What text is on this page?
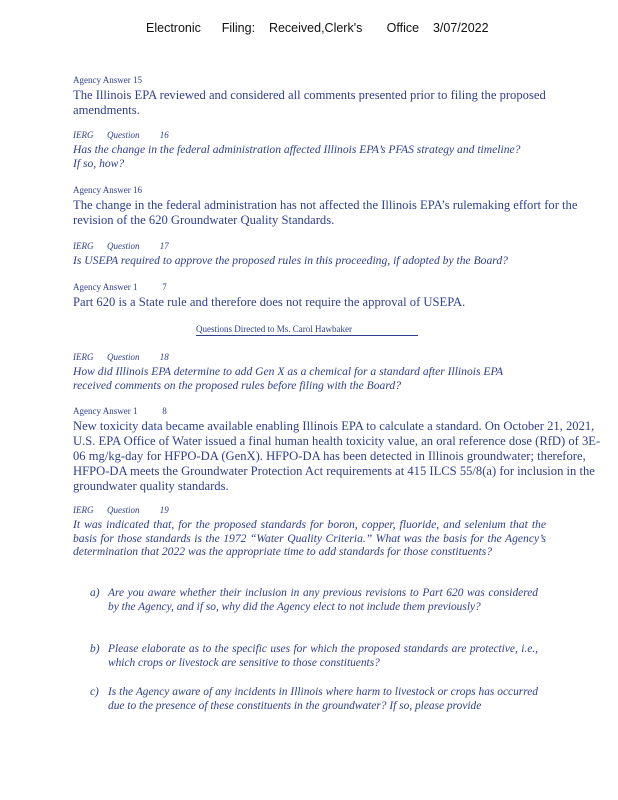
Electronic      Filing:    Received,Clerk's       Office    3/07/2022
Agency Answer 15
The Illinois EPA reviewed and considered all comments presented prior to filing the proposed amendments.
IERG      Question         16
Has the change in the federal administration affected Illinois EPA’s PFAS strategy and timeline?
If so, how?
Agency Answer 16
The change in the federal administration has not affected the Illinois EPA’s rulemaking effort for the revision of the 620 Groundwater Quality Standards.
IERG      Question         17
Is USEPA required to approve the proposed rules in this proceeding, if adopted by the Board?
Agency Answer 1           7
Part 620 is a State rule and therefore does not require the approval of USEPA.
Questions Directed to Ms. Carol Hawbaker
IERG      Question         18
How did Illinois EPA determine to add Gen X as a chemical for a standard after Illinois EPA
received comments on the proposed rules before filing with the Board?
Agency Answer 1           8
New toxicity data became available enabling Illinois EPA to calculate a standard. On October 21, 2021, U.S. EPA Office of Water issued a final human health toxicity value, an oral reference dose (RfD) of 3E-06 mg/kg-day for HFPO-DA (GenX). HFPO-DA has been detected in Illinois groundwater; therefore, HFPO-DA meets the Groundwater Protection Act requirements at 415 ILCS 55/8(a) for inclusion in the groundwater quality standards.
IERG      Question         19
It was indicated that, for the proposed standards for boron, copper, fluoride, and selenium that the basis for those standards is the 1972 “Water Quality Criteria.” What was the basis for the Agency’s determination that 2022 was the appropriate time to add standards for those constituents?
a) Are you aware whether their inclusion in any previous revisions to Part 620 was considered by the Agency, and if so, why did the Agency elect to not include them previously?
b) Please elaborate as to the specific uses for which the proposed standards are protective, i.e., which crops or livestock are sensitive to those constituents?
c) Is the Agency aware of any incidents in Illinois where harm to livestock or crops has occurred due to the presence of these constituents in the groundwater? If so, please provide
